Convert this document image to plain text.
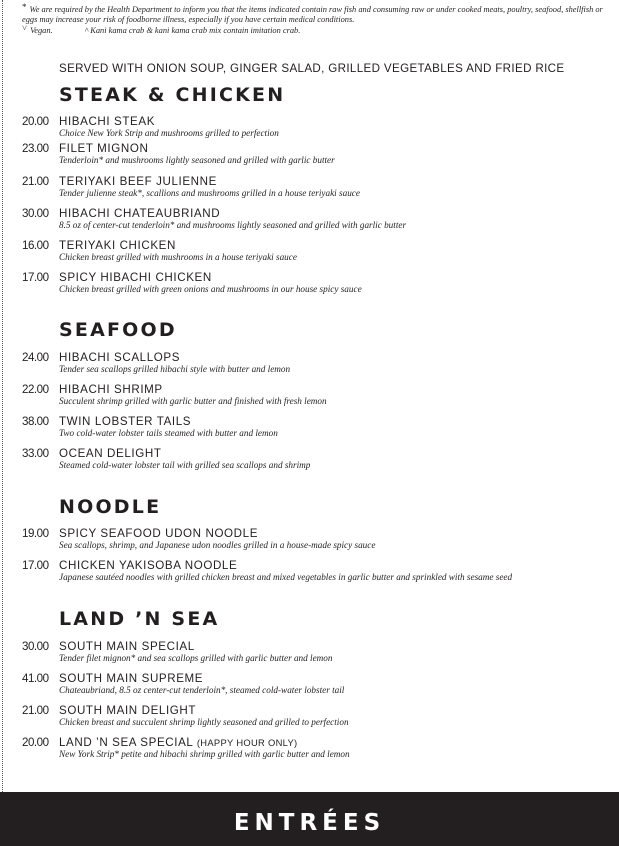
* We are required by the Health Department to inform you that the items indicated contain raw fish and consuming raw or under cooked meats, poultry, seafood, shellfish or eggs may increase your risk of foodborne illness, especially if you have certain medical conditions.
˅ Vegan.	^ Kani kama crab & kani kama crab mix contain imitation crab.
SERVED WITH ONION SOUP, GINGER SALAD, GRILLED VEGETABLES AND FRIED RICE
STEAK & CHICKEN
20.00 HIBACHI STEAK
Choice New York Strip and mushrooms grilled to perfection
23.00 FILET MIGNON
Tenderloin* and mushrooms lightly seasoned and grilled with garlic butter
21.00 TERIYAKI BEEF JULIENNE
Tender julienne steak*, scallions and mushrooms grilled in a house teriyaki sauce
30.00 HIBACHI CHATEAUBRIAND
8.5 oz of center-cut tenderloin* and mushrooms lightly seasoned and grilled with garlic butter
16.00 TERIYAKI CHICKEN
Chicken breast grilled with mushrooms in a house teriyaki sauce
17.00 SPICY HIBACHI CHICKEN
Chicken breast grilled with green onions and mushrooms in our house spicy sauce
SEAFOOD
24.00 HIBACHI SCALLOPS
Tender sea scallops grilled hibachi style with butter and lemon
22.00 HIBACHI SHRIMP
Succulent shrimp grilled with garlic butter and finished with fresh lemon
38.00 TWIN LOBSTER TAILS
Two cold-water lobster tails steamed with butter and lemon
33.00 OCEAN DELIGHT
Steamed cold-water lobster tail with grilled sea scallops and shrimp
NOODLE
19.00 SPICY SEAFOOD UDON NOODLE
Sea scallops, shrimp, and Japanese udon noodles grilled in a house-made spicy sauce
17.00 CHICKEN YAKISOBA NOODLE
Japanese sautéed noodles with grilled chicken breast and mixed vegetables in garlic butter and sprinkled with sesame seed
LAND ’N SEA
30.00 SOUTH MAIN SPECIAL
Tender filet mignon* and sea scallops grilled with garlic butter and lemon
41.00 SOUTH MAIN SUPREME
Chateaubriand, 8.5 oz center-cut tenderloin*, steamed cold-water lobster tail
21.00 SOUTH MAIN DELIGHT
Chicken breast and succulent shrimp lightly seasoned and grilled to perfection
20.00 LAND ’N SEA SPECIAL (HAPPY HOUR ONLY)
New York Strip* petite and hibachi shrimp grilled with garlic butter and lemon
ENTRÉES
